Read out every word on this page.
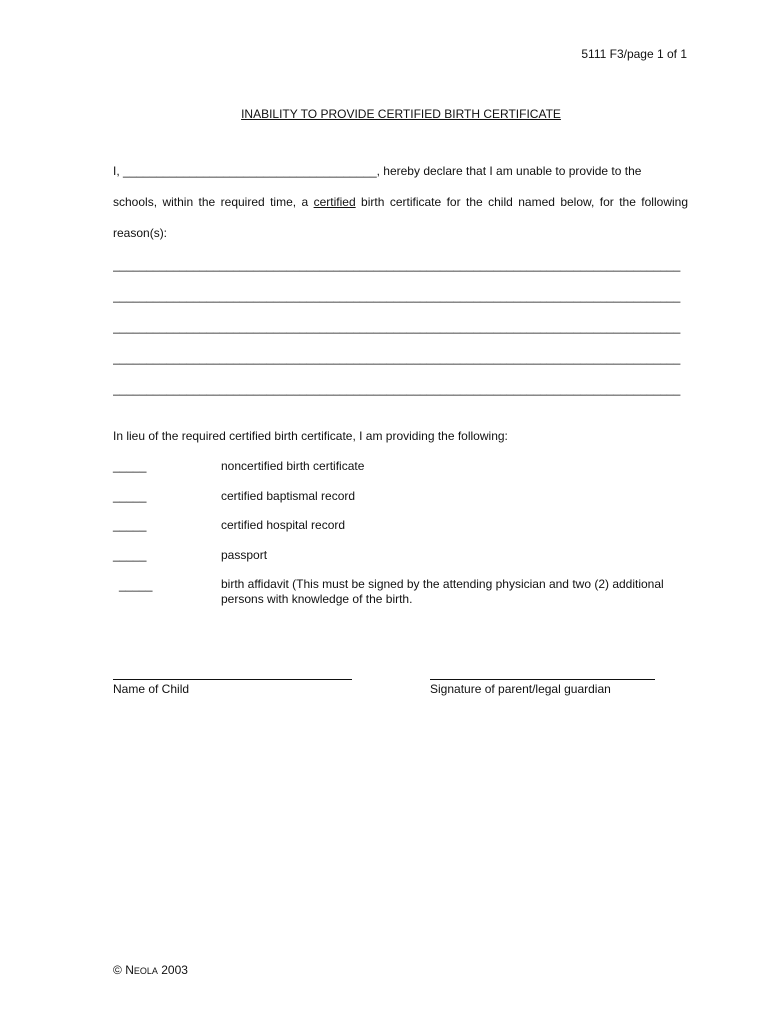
5111 F3/page 1 of 1
INABILITY TO PROVIDE CERTIFIED BIRTH CERTIFICATE
I, ______________________________________, hereby declare that I am unable to provide to the
schools, within the required time, a certified birth certificate for the child named below, for the following
reason(s):
_____________________________________________________________________________________
_____________________________________________________________________________________
_____________________________________________________________________________________
_____________________________________________________________________________________
_____________________________________________________________________________________
In lieu of the required certified birth certificate, I am providing the following:
_____	noncertified birth certificate
_____	certified baptismal record
_____	certified hospital record
_____	passport
_____	birth affidavit (This must be signed by the attending physician and two (2) additional persons with knowledge of the birth.
Name of Child	Signature of parent/legal guardian
© NEOLA 2003
